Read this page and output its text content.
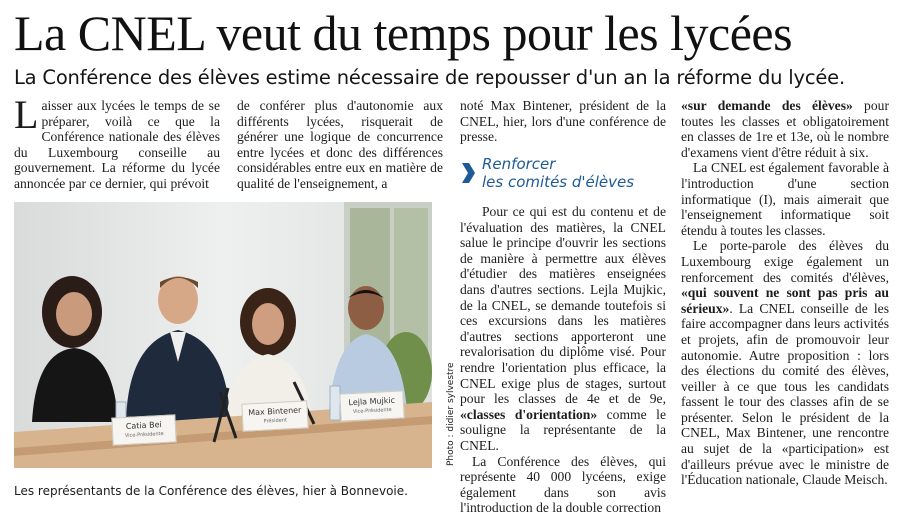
La CNEL veut du temps pour les lycées
La Conférence des élèves estime nécessaire de repousser d'un an la réforme du lycée.

Laisser aux lycées le temps de se préparer, voilà ce que la Conférence nationale des élèves du Luxembourg conseille au gouvernement. La réforme du lycée annoncée par ce dernier, qui prévoit

de conférer plus d'autonomie aux différents lycées, risquerait de générer une logique de concurrence entre lycées et donc des différences considérables entre eux en matière de qualité de l'enseignement, a

noté Max Bintener, président de la CNEL, hier, lors d'une conférence de presse.

Renforcer
les comités d'élèves

Pour ce qui est du contenu et de l'évaluation des matières, la CNEL salue le principe d'ouvrir les sections de manière à permettre aux élèves d'étudier des matières enseignées dans d'autres sections. Lejla Mujkic, de la CNEL, se demande toutefois si ces excursions dans les matières d'autres sections apporteront une revalorisation du diplôme visé. Pour rendre l'orientation plus efficace, la CNEL exige plus de stages, surtout pour les classes de 4e et de 9e, «classes d'orientation» comme le souligne la représentante de la CNEL.

La Conférence des élèves, qui représente 40 000 lycéens, exige également dans son avis l'introduction de la double correction

«sur demande des élèves» pour toutes les classes et obligatoirement en classes de 1re et 13e, où le nombre d'examens vient d'être réduit à six.

La CNEL est également favorable à l'introduction d'une section informatique (I), mais aimerait que l'enseignement informatique soit étendu à toutes les classes.

Le porte-parole des élèves du Luxembourg exige également un renforcement des comités d'élèves, «qui souvent ne sont pas pris au sérieux». La CNEL conseille de les faire accompagner dans leurs activités et projets, afin de promouvoir leur autonomie. Autre proposition : lors des élections du comité des élèves, veiller à ce que tous les candidats fassent le tour des classes afin de se présenter. Selon le président de la CNEL, Max Bintener, une rencontre au sujet de la «participation» est d'ailleurs prévue avec le ministre de l'Éducation nationale, Claude Meisch.

Catia Bei
Vice-Présidente
Max Bintener
Président
Lejla Mujkic
Vice-Présidente	Photo : didier sylvestre
Les représentants de la Conférence des élèves, hier à Bonnevoie.
